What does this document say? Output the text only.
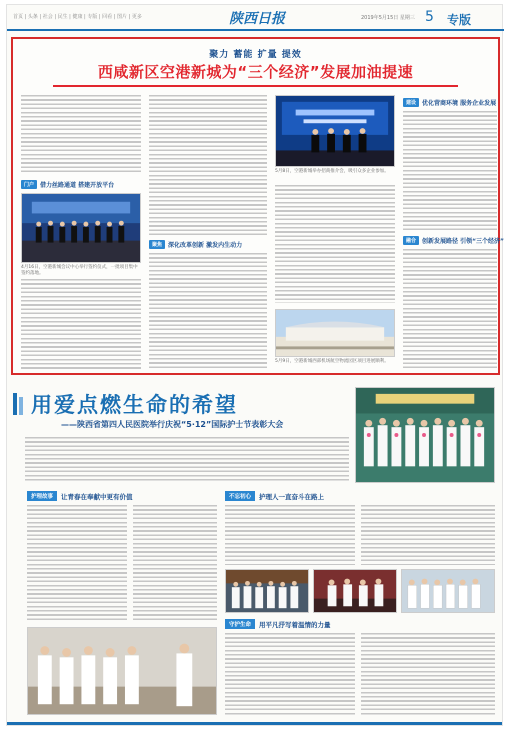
首页 | 头条 | 社会 | 民生 | 健康 | 专版 | 回看 | 图片 | 更多	陕西日报	2019年5月15日 星期三 5 专版
聚力 蓄能 扩量 提效
西咸新区空港新城为“三个经济”发展加油提速
门户	借力丝路通道 搭建开放平台
4月16日，空港新城会议中心举行签约仪式，一批项目集中签约落地。
聚焦	深化改革创新 激发内生动力
5月8日，空港新城举办招商推介会，吸引众多企业参加。
5月9日，空港新城西部机场航空物流园区项目进展顺利。
建设	优化营商环境 服务企业发展
融合	创新发展路径 引领“三个经济”
用爱点燃生命的希望
——陕西省第四人民医院举行庆祝“5·12”国际护士节表彰大会
护理故事	让青春在奉献中更有价值	不忘初心	护理人一直奋斗在路上
守护生命	用平凡抒写着温情的力量
